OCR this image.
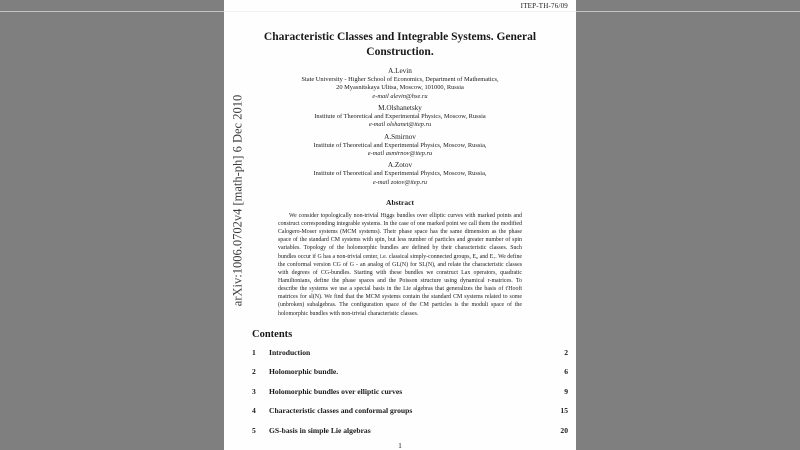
ITEP-TH-76/09
arXiv:1006.0702v4 [math-ph] 6 Dec 2010
Characteristic Classes and Integrable Systems. General Construction.
A.Levin
State University - Higher School of Economics, Department of Mathematics,
20 Myasnitskaya Ulitsa, Moscow, 101000, Russia
e-mail alevin@hse.ru
M.Olshanetsky
Institute of Theoretical and Experimental Physics, Moscow, Russia
e-mail olshanet@itep.ru
A.Smirnov
Institute of Theoretical and Experimental Physics, Moscow, Russia,
e-mail asmirnov@itep.ru
A.Zotov
Institute of Theoretical and Experimental Physics, Moscow, Russia,
e-mail zotov@itep.ru
Abstract

We consider topologically non-trivial Higgs bundles over elliptic curves with marked points and construct corresponding integrable systems. In the case of one marked point we call them the modified Calogero-Moser systems (MCM systems). Their phase space has the same dimension as the phase space of the standard CM systems with spin, but less number of particles and greater number of spin variables. Topology of the holomorphic bundles are defined by their characteristic classes. Such bundles occur if G has a non-trivial center, i.e. classical simply-connected groups, E₆ and E₇. We define the conformal version CG of G - an analog of GL(N) for SL(N), and relate the characteristic classes with degrees of CG-bundles. Starting with these bundles we construct Lax operators, quadratic Hamiltonians, define the phase spaces and the Poisson structure using dynamical r-matrices. To describe the systems we use a special basis in the Lie algebras that generalizes the basis of t'Hooft matrices for sl(N). We find that the MCM systems contain the standard CM systems related to some (unbroken) subalgebras. The configuration space of the CM particles is the moduli space of the holomorphic bundles with non-trivial characteristic classes.

Contents
1	Introduction	2
2	Holomorphic bundle.	6
3	Holomorphic bundles over elliptic curves	9
4	Characteristic classes and conformal groups	15
5	GS-basis in simple Lie algebras	20
1
